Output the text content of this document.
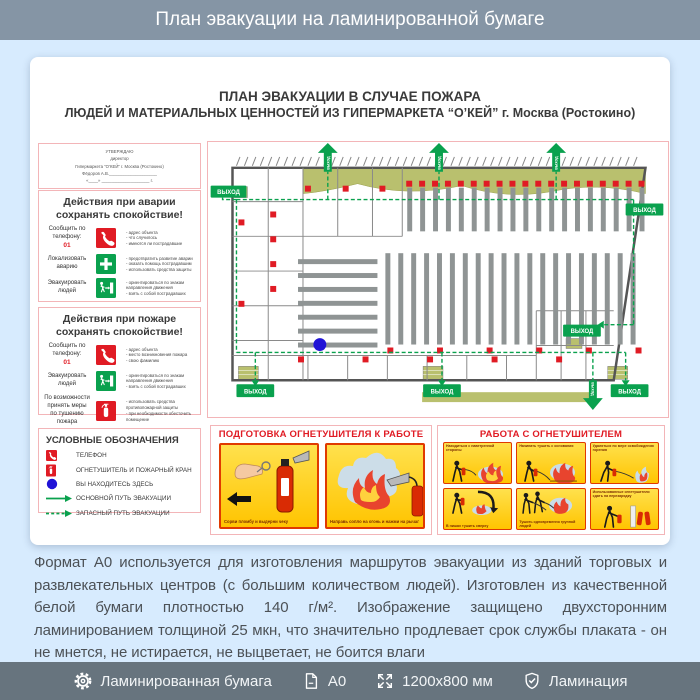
План эвакуации на ламинированной бумаге
ПЛАН ЭВАКУАЦИИ В СЛУЧАЕ ПОЖАРА
ЛЮДЕЙ И МАТЕРИАЛЬНЫХ ЦЕННОСТЕЙ ИЗ ГИПЕРМАРКЕТА “О’КЕЙ” г. Москва (Ростокино)
УТВЕРЖДАЮ
директор
Гипермаркета “О’КЕЙ” г. Москва (Ростокино)
Фёдоров А.В.____________________
«____» ____________________ г.
Действия при аварии
сохранять спокойствие!
Сообщить по телефону:
01
- адрес объекта
- что случилось
- имеются ли пострадавшие
Локализовать аварию
- предотвратить развитие аварии
- оказать помощь пострадавшим
- использовать средства защиты
Эвакуировать людей
- ориентироваться по знакам направления движения
- взять с собой пострадавших
Действия при пожаре
сохранять спокойствие!
Сообщить по телефону:
01
- адрес объекта
- место возникновения пожара
- свою фамилию
Эвакуировать людей
- ориентироваться по знакам направления движения
- взять с собой пострадавших
По возможности принять меры по тушению пожара
- использовать средства противопожарной защиты
- при необходимости обесточить помещение
УСЛОВНЫЕ ОБОЗНАЧЕНИЯ
ТЕЛЕФОН
ОГНЕТУШИТЕЛЬ И ПОЖАРНЫЙ КРАН
ВЫ НАХОДИТЕСЬ ЗДЕСЬ
ОСНОВНОЙ ПУТЬ ЭВАКУАЦИИ
ЗАПАСНЫЙ ПУТЬ ЭВАКУАЦИИ
выход	выход	выход
выход
ВЫХОД
ВЫХОД
ВЫХОД	ВЫХОД	ВЫХОД
ВЫХОД
ПОДГОТОВКА ОГНЕТУШИТЕЛЯ К РАБОТЕ
Сорви пломбу и выдерни чеку	Направь сопло на огонь и нажми на рычаг
РАБОТА С ОГНЕТУШИТЕЛЕМ
Находиться с наветренной стороны
Начинать тушить с основания	Удаляться по мере освобождения горения
В нишах тушить сверху
Тушить одновременно группой людей
Использованные огнетушители сдать на перезарядку
Формат А0 используется для изготовления маршрутов эвакуации из зданий торговых и развлекательных центров (с большим количеством людей). Изготовлен из качественной белой бумаги плотностью 140 г/м². Изображение защищено двухсторонним ламинированием толщиной 25 мкн, что значительно продлевает срок службы плаката - он не мнется, не истирается, не выцветает, не боится влаги
Ламинированная бумага	А0	1200х800 мм	Ламинация
